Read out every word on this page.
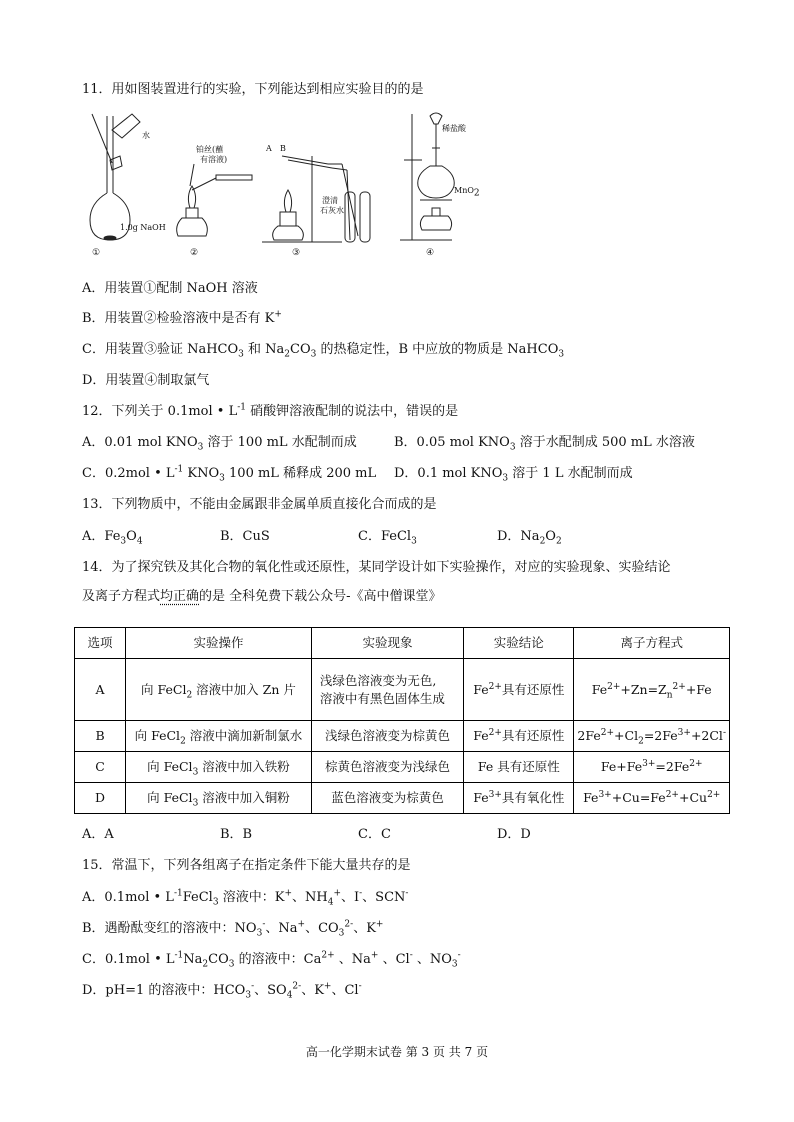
11．用如图装置进行的实验，下列能达到相应实验目的的是
水
1.0g NaOH
铂丝(蘸
有溶液)
A B
澄清
石灰水
稀盐酸
MnO$_2$
①	②	③	④
A．用装置①配制 NaOH 溶液
B．用装置②检验溶液中是否有 K+
C．用装置③验证 NaHCO$_3$ 和 $Na_2CO_3$ 的热稳定性，B 中应放的物质是 NaHCO$_3$
D．用装置④制取氯气
12．下列关于 0.1mol • $L^{-1}$ 硝酸钾溶液配制的说法中，错误的是
A．0.01 mol $KNO_3$ 溶于 100 mL 水配制而成	B．0.05 mol $KNO_3$ 溶于水配制成 500 mL 水溶液
C．0.2mol • $L^{-1}$ $KNO_3$ 100 mL 稀释成 200 mL D．0.1 mol $KNO_3$ 溶于 1 L 水配制而成
13．下列物质中，不能由金属跟非金属单质直接化合而成的是
A．$Fe_3O_4$	B．CuS	C．FeCl$_3$	D．$Na_2O_2$
14．为了探究铁及其化合物的氧化性或还原性，某同学设计如下实验操作，对应的实验现象、实验结论
及离子方程式均正确的是 全科免费下载公众号-《高中僧课堂》
选项	实验操作	实验现象	实验结论	离子方程式
A	向 FeCl$_2$ 溶液中加入 Zn 片	浅绿色溶液变为无色,
溶液中有黑色固体生成	$Fe^{2+}$具有还原性	$Fe^{2+}+Zn=Z_n^{2+}+Fe$
B	向 FeCl$_2$ 溶液中滴加新制氯水	浅绿色溶液变为棕黄色	$Fe^{2+}$具有还原性	$2Fe^{2+}+Cl_2=2Fe^{3+}+2Cl^-$
C	向 FeCl$_3$ 溶液中加入铁粉	棕黄色溶液变为浅绿色	Fe 具有还原性	$Fe+Fe^{3+}=2Fe^{2+}$
D	向 FeCl$_3$ 溶液中加入铜粉	蓝色溶液变为棕黄色	$Fe^{3+}$具有氧化性	$Fe^{3+}+Cu=Fe^{2+}+Cu^{2+}$
A．A	B．B	C．C	D．D
15．常温下，下列各组离子在指定条件下能大量共存的是
A．0.1mol • $L^{-1}FeCl_3$ 溶液中：K+、$NH_4^+$、I-、SCN-
B．遇酚酞变红的溶液中：$NO_3^-$、Na+、$CO_3^{2-}$、K+
C．0.1mol • $L^{-1}Na_2CO_3$ 的溶液中：$Ca^{2+}$ 、Na+ 、Cl- 、$NO_3^-$
D．pH=1 的溶液中：$HCO_3^-$、$SO_4^{2-}$、K+、Cl-
高一化学期末试卷 第 3 页 共 7 页
